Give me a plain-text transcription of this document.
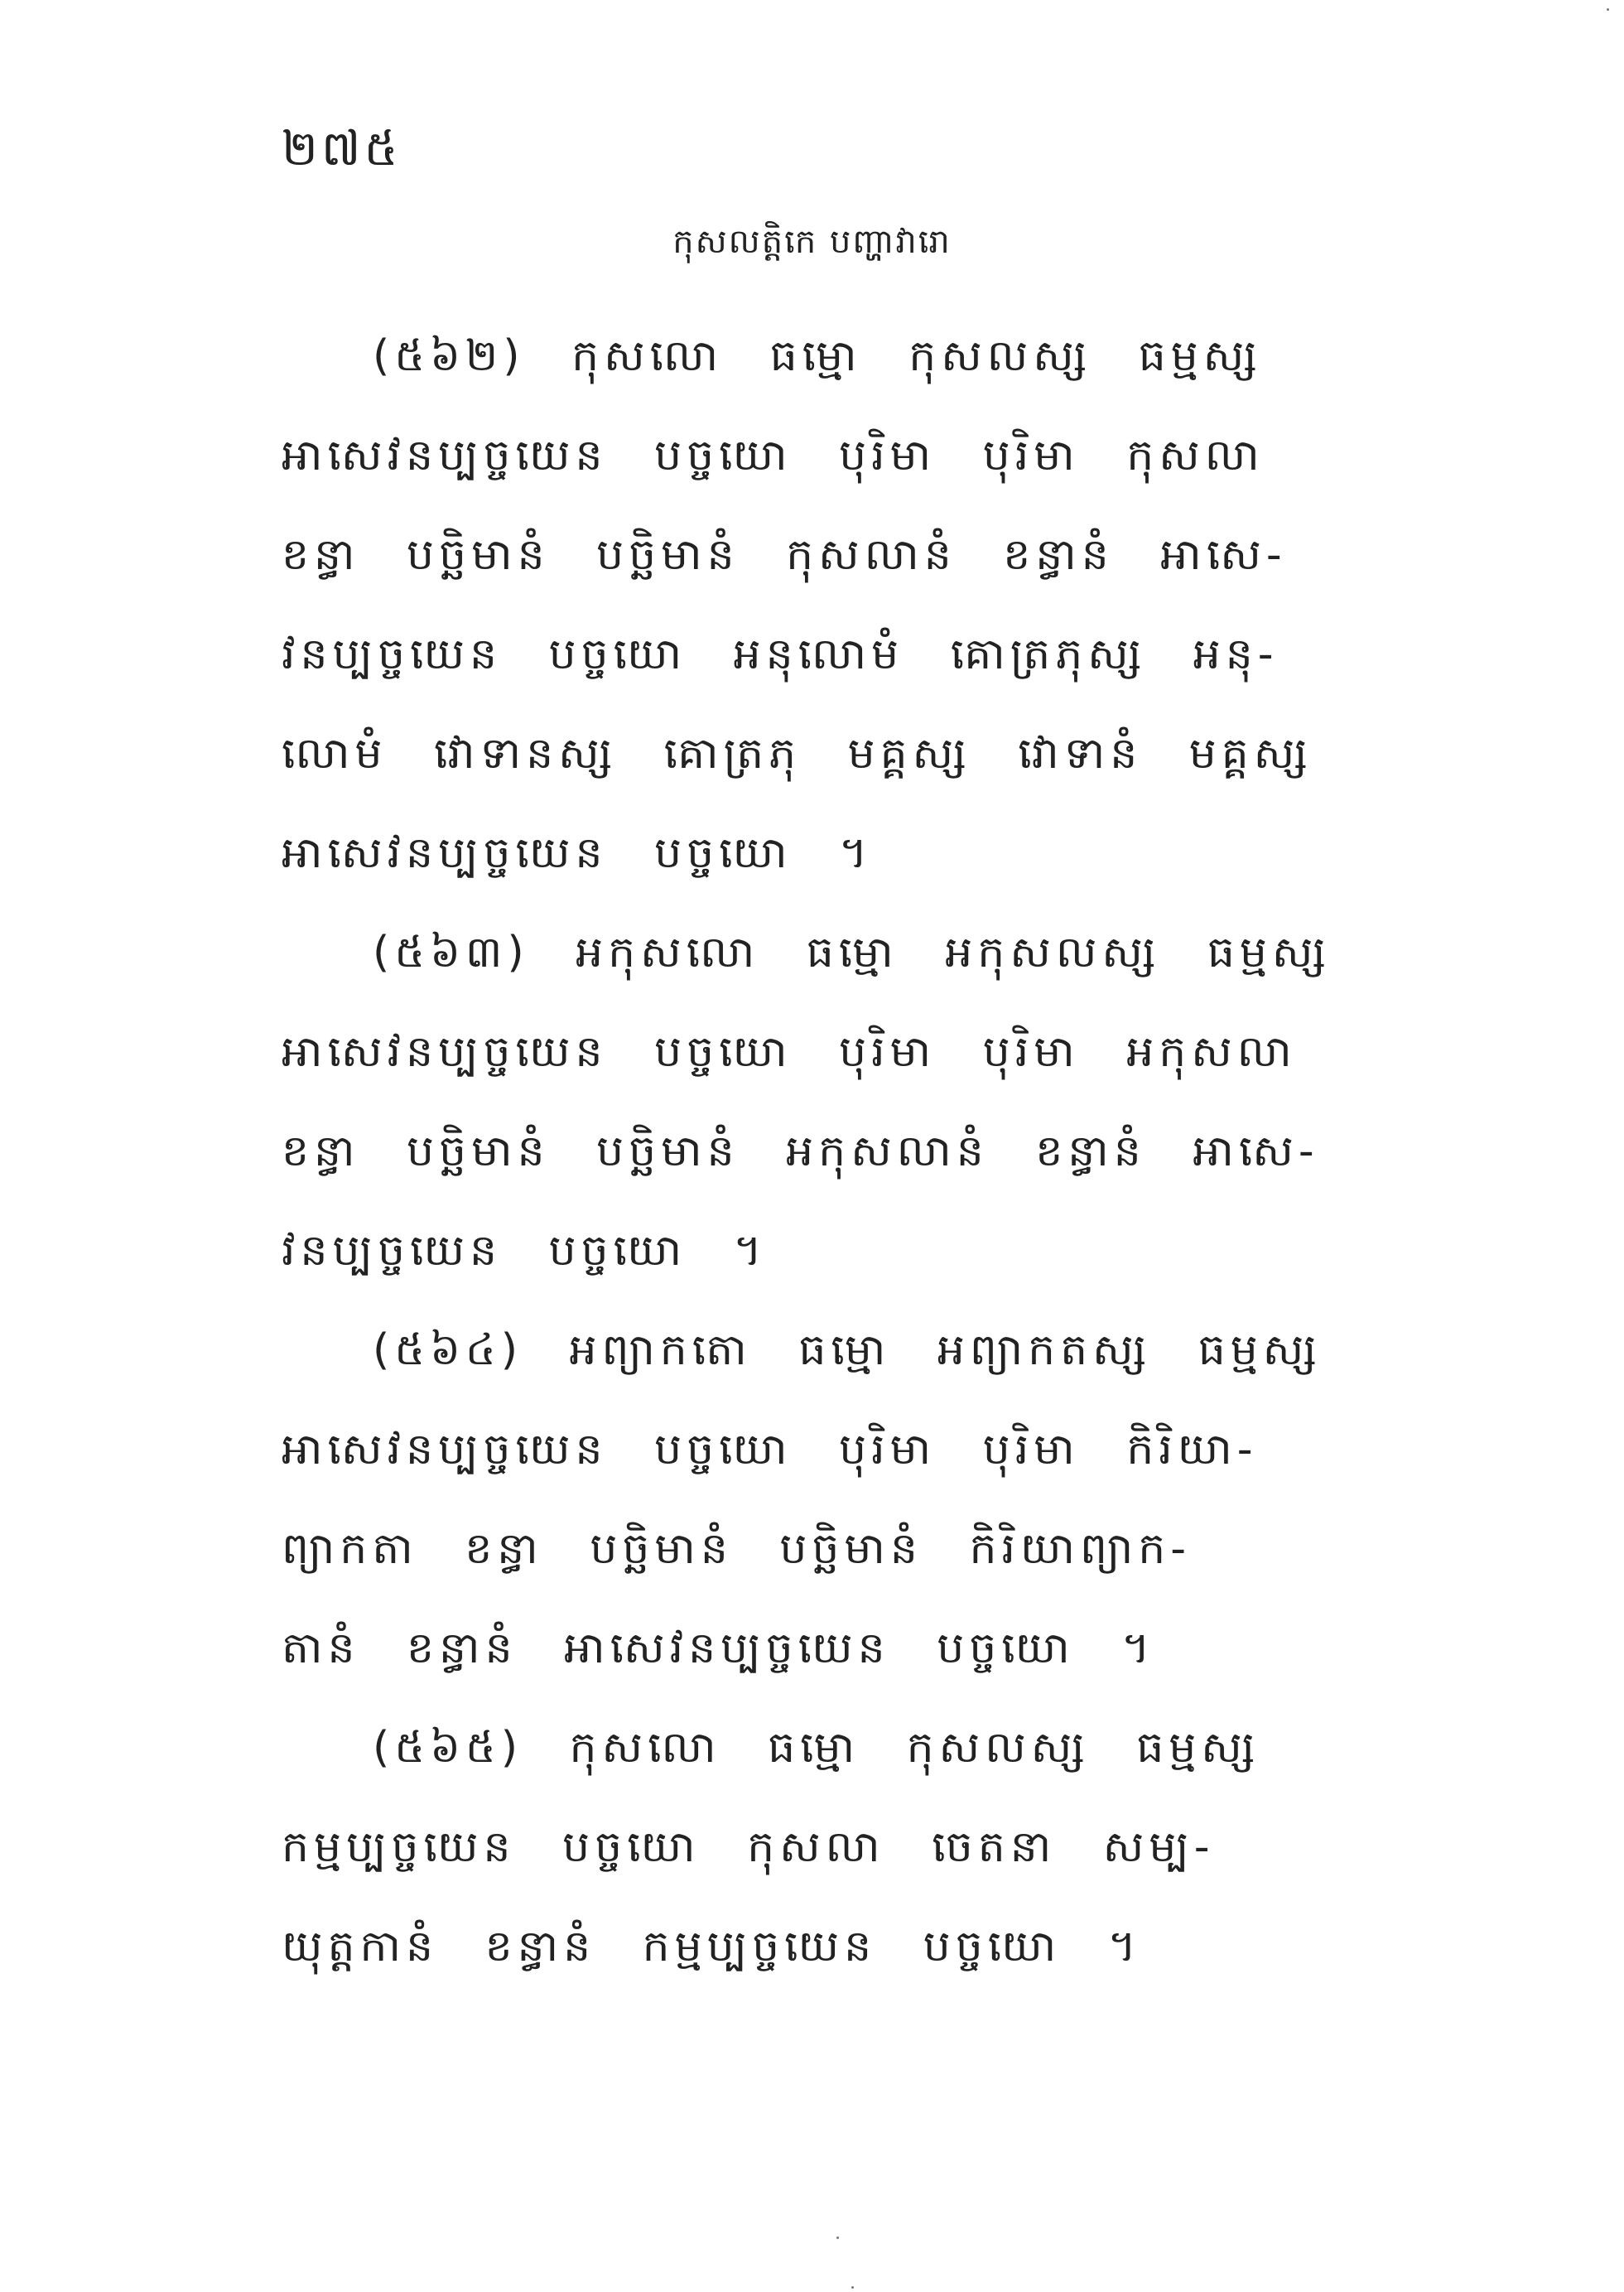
២៧៥
កុសលត្តិកេ បញ្ហាវារោ
(៥៦២) កុសលោ ធម្មោ កុសលស្ស ធម្មស្ស
អាសេវនប្បច្ចយេន បច្ចយោ បុរិមា បុរិមា កុសលា
ខន្ធា បច្ឆិមានំ បច្ឆិមានំ កុសលានំ ខន្ធានំ អាសេ-
វនប្បច្ចយេន បច្ចយោ អនុលោមំ គោត្រភុស្ស អនុ-
លោមំ វោទានស្ស គោត្រភុ មគ្គស្ស វោទានំ មគ្គស្ស
អាសេវនប្បច្ចយេន បច្ចយោ ។
(៥៦៣) អកុសលោ ធម្មោ អកុសលស្ស ធម្មស្ស
អាសេវនប្បច្ចយេន បច្ចយោ បុរិមា បុរិមា អកុសលា
ខន្ធា បច្ឆិមានំ បច្ឆិមានំ អកុសលានំ ខន្ធានំ អាសេ-
វនប្បច្ចយេន បច្ចយោ ។
(៥៦៤) អព្យាកតោ ធម្មោ អព្យាកតស្ស ធម្មស្ស
អាសេវនប្បច្ចយេន បច្ចយោ បុរិមា បុរិមា កិរិយា-
ព្យាកតា ខន្ធា បច្ឆិមានំ បច្ឆិមានំ កិរិយាព្យាក-
តានំ ខន្ធានំ អាសេវនប្បច្ចយេន បច្ចយោ ។
(៥៦៥) កុសលោ ធម្មោ កុសលស្ស ធម្មស្ស
កម្មប្បច្ចយេន បច្ចយោ កុសលា ចេតនា សម្ប-
យុត្តកានំ ខន្ធានំ កម្មប្បច្ចយេន បច្ចយោ ។
